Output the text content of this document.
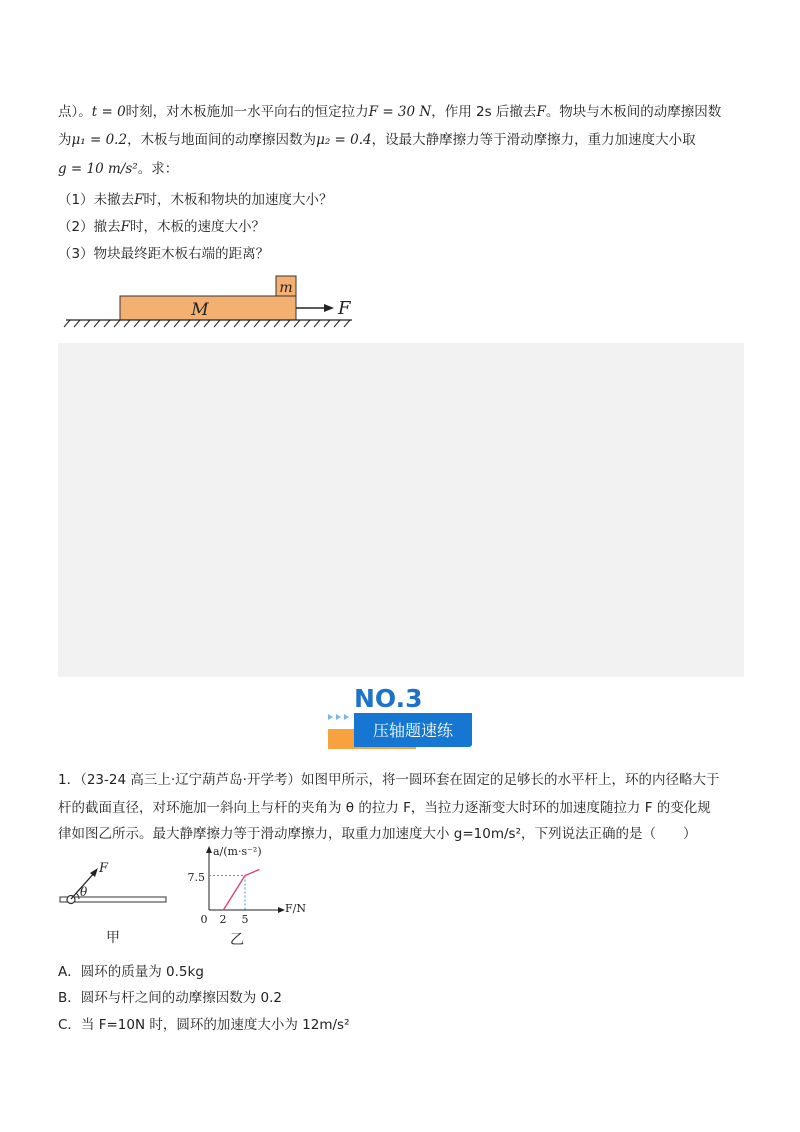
点）。t = 0时刻，对木板施加一水平向右的恒定拉力F = 30 N，作用 2s 后撤去F。物块与木板间的动摩擦因数
为μ₁ = 0.2，木板与地面间的动摩擦因数为μ₂ = 0.4，设最大静摩擦力等于滑动摩擦力，重力加速度大小取
g = 10 m/s²。求：
（1）未撤去F时，木板和物块的加速度大小？
（2）撤去F时，木板的速度大小？
（3）物块最终距木板右端的距离？
M
m
F
NO.3
压轴题速练
1．（23-24 高三上·辽宁葫芦岛·开学考）如图甲所示，将一圆环套在固定的足够长的水平杆上，环的内径略大于
杆的截面直径，对环施加一斜向上与杆的夹角为 θ 的拉力 F，当拉力逐渐变大时环的加速度随拉力 F 的变化规
律如图乙所示。最大静摩擦力等于滑动摩擦力，取重力加速度大小 g=10m/s²，下列说法正确的是（　　）
F
θ
甲
a/(m·s⁻²)
F/N
7.5
0 2 5
乙
A．圆环的质量为 0.5kg
B．圆环与杆之间的动摩擦因数为 0.2
C．当 F=10N 时，圆环的加速度大小为 12m/s²
